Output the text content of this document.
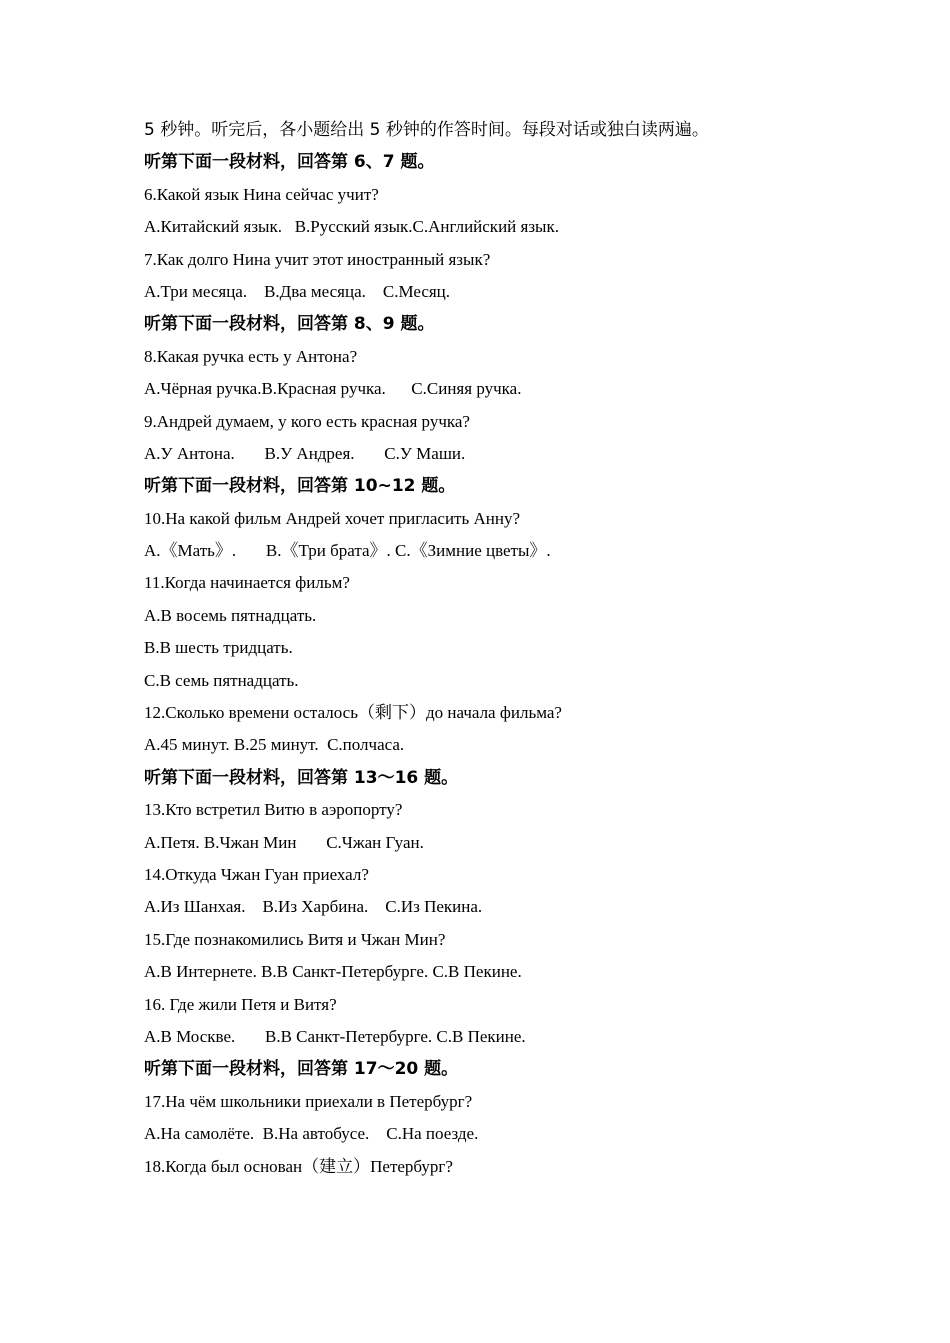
5 秒钟。听完后，各小题给出 5 秒钟的作答时间。每段对话或独白读两遍。
听第下面一段材料，回答第 6、7 题。
6.Какой язык Нина сейчас учит?
A.Китайский язык.   B.Русский язык.C.Английский язык.
7.Как долго Нина учит этот иностранный язык?
A.Три месяца.    B.Два месяца.    C.Месяц.
听第下面一段材料，回答第 8、9 题。
8.Какая ручка есть у Антона?
A.Чёрная ручка.B.Красная ручка.      C.Синяя ручка.
9.Андрей думаем, у кого есть красная ручка?
A.У Антона.       B.У Андрея.       C.У Маши.
听第下面一段材料，回答第 10~12 题。
10.На какой фильм Андрей хочет пригласить Анну?
A.《Мать》.       B.《Три брата》. C.《Зимние цветы》.
11.Когда начинается фильм?
A.В восемь пятнадцать.
B.В шесть тридцать.
C.В семь пятнадцать.
12.Сколько времени осталось（剩下）до начала фильма?
A.45 минут. B.25 минут.  C.полчаса.
听第下面一段材料，回答第 13～16 题。
13.Кто встретил Витю в аэропорту?
A.Петя. B.Чжан Мин       C.Чжан Гуан.
14.Откуда Чжан Гуан приехал?
A.Из Шанхая.    B.Из Харбина.    C.Из Пекина.
15.Где познакомились Витя и Чжан Мин?
A.В Интернете. B.В Санкт-Петербурге. C.В Пекине.
16. Где жили Петя и Витя?
A.В Москве.       B.В Санкт-Петербурге. C.В Пекине.
听第下面一段材料，回答第 17～20 题。
17.На чём школьники приехали в Петербург?
A.На самолёте.  B.На автобусе.    C.На поезде.
18.Когда был основан（建立）Петербург?
